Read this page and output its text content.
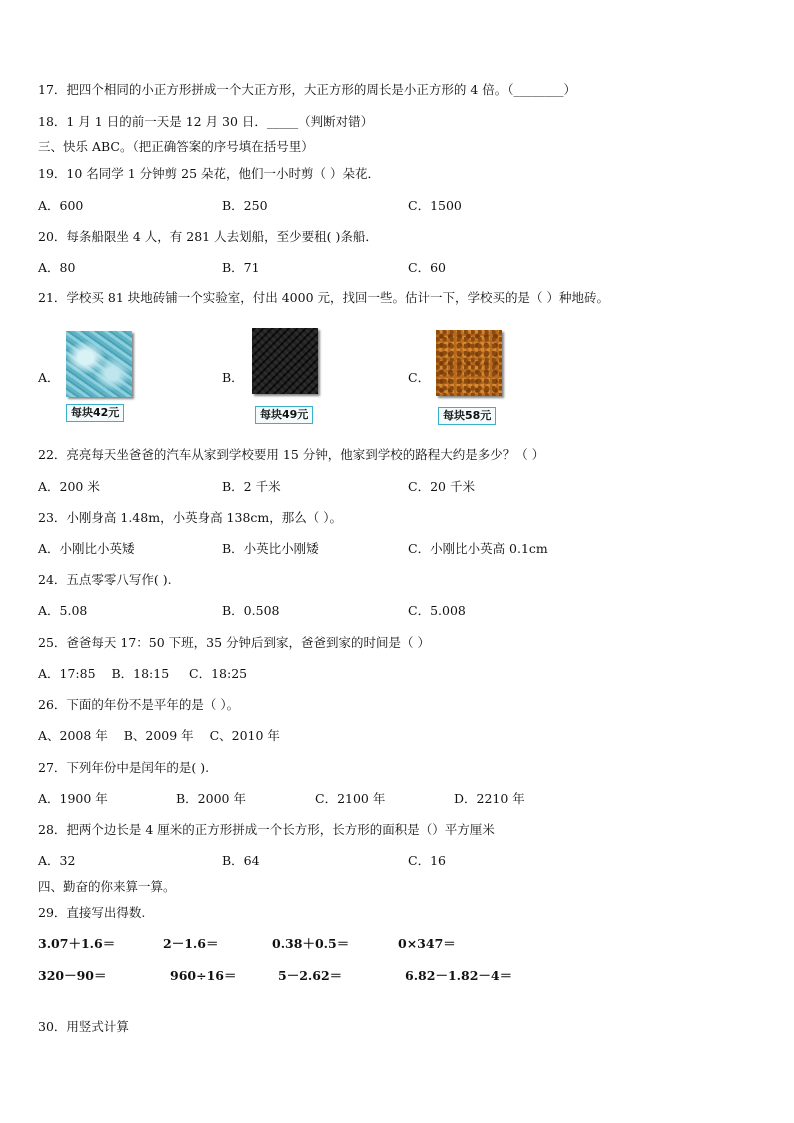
17．把四个相同的小正方形拼成一个大正方形，大正方形的周长是小正方形的 4 倍。（________）
18．1 月 1 日的前一天是 12 月 30 日．_____（判断对错）
三、快乐 ABC。（把正确答案的序号填在括号里）
19．10 名同学 1 分钟剪 25 朵花，他们一小时剪（ ）朵花．
A．600	B．250	C．1500
20．每条船限坐 4 人，有 281 人去划船，至少要租( )条船．
A．80	B．71	C．60
21．学校买 81 块地砖铺一个实验室，付出 4000 元，找回一些。估计一下，学校买的是（ ）种地砖。
A．
每块42元
B．
每块49元
C．
每块58元
22．亮亮每天坐爸爸的汽车从家到学校要用 15 分钟，他家到学校的路程大约是多少？（ ）
A．200 米	B．2 千米	C．20 千米
23．小刚身高 1.48m，小英身高 138cm，那么（ ）。
A．小刚比小英矮	B．小英比小刚矮	C．小刚比小英高 0.1cm
24．五点零零八写作( ).
A．5.08	B．0.508	C．5.008
25．爸爸每天 17：50 下班，35 分钟后到家，爸爸到家的时间是（ ）
A．17:85    B．18:15     C．18:25
26．下面的年份不是平年的是（ ）。
A、2008 年    B、2009 年    C、2010 年
27．下列年份中是闰年的是( ).
A．1900 年	B．2000 年	C．2100 年	D．2210 年
28．把两个边长是 4 厘米的正方形拼成一个长方形，长方形的面积是（）平方厘米
A．32	B．64	C．16
四、勤奋的你来算一算。
29．直接写出得数.
3.07＋1.6＝	2－1.6＝	0.38＋0.5＝	0×347＝
320－90＝	960÷16＝	5－2.62＝	6.82－1.82－4＝
30．用竖式计算
